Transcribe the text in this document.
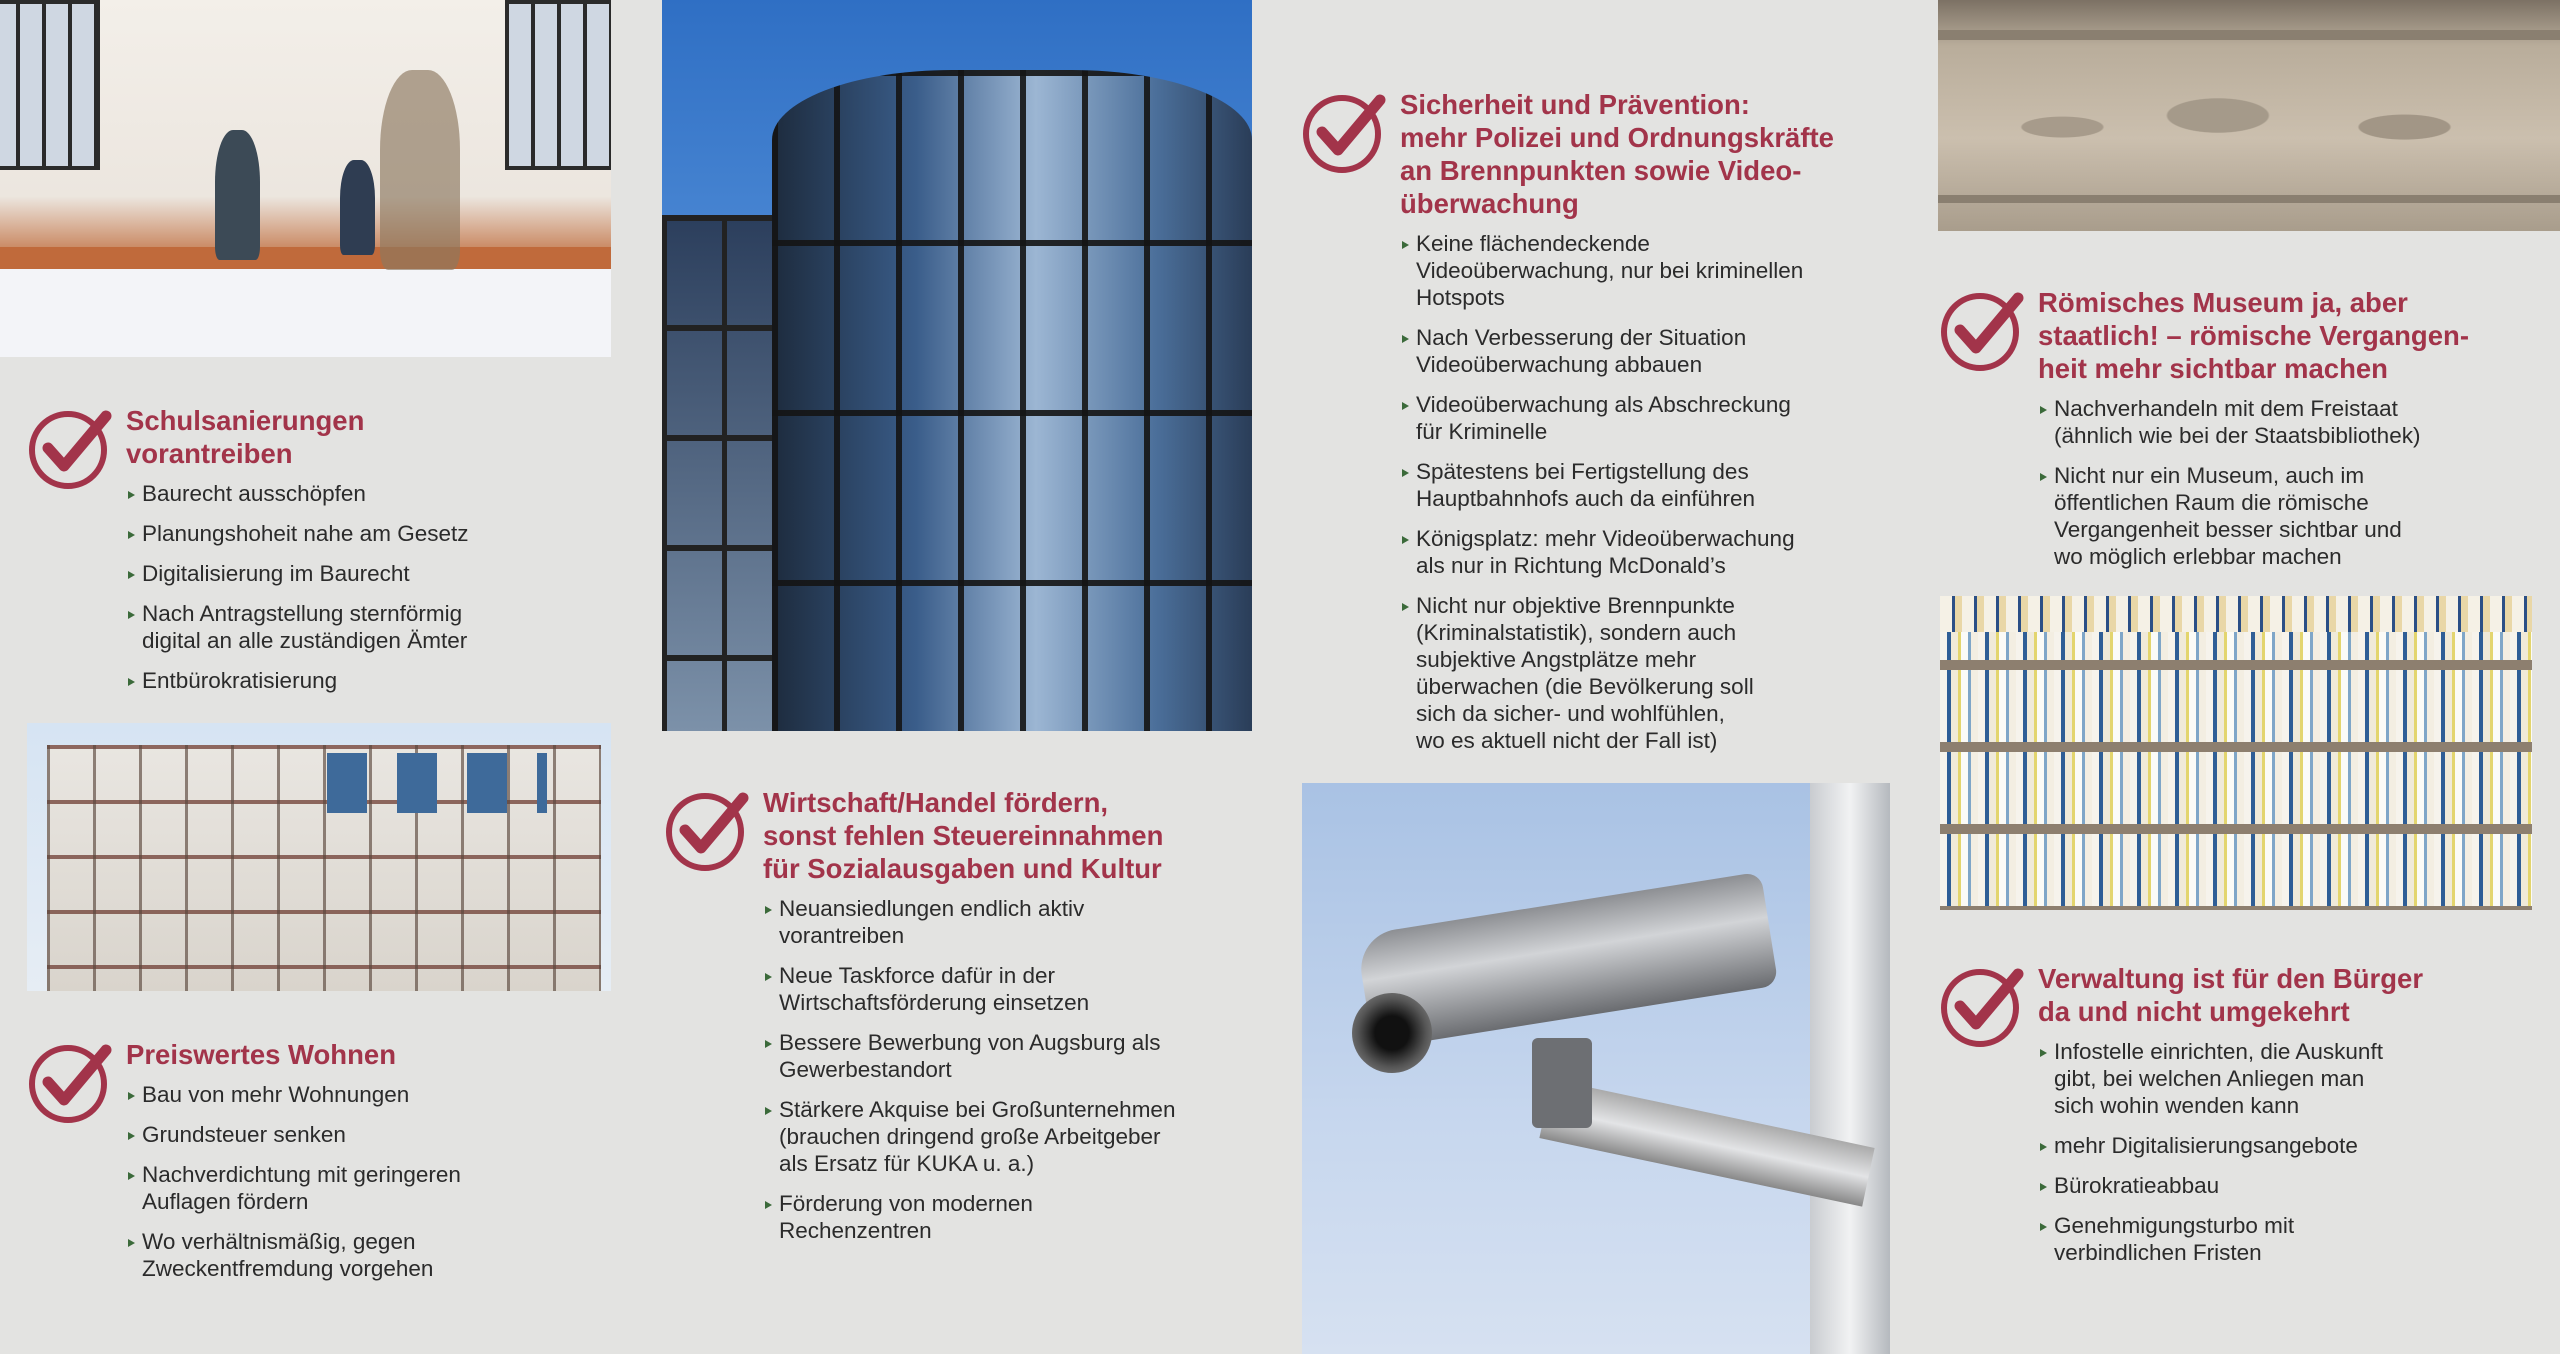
Schulsanierungen
vorantreiben
Baurecht ausschöpfen
Planungshoheit nahe am Gesetz
Digitalisierung im Baurecht
Nach Antragstellung sternförmig
digital an alle zuständigen Ämter
Entbürokratisierung
Preiswertes Wohnen
Bau von mehr Wohnungen
Grundsteuer senken
Nachverdichtung mit geringeren
Auflagen fördern
Wo verhältnismäßig, gegen
Zweckentfremdung vorgehen
Wirtschaft/Handel fördern,
sonst fehlen Steuereinnahmen
für Sozialausgaben und Kultur
Neuansiedlungen endlich aktiv
vorantreiben
Neue Taskforce dafür in der
Wirtschaftsförderung einsetzen
Bessere Bewerbung von Augsburg als
Gewerbestandort
Stärkere Akquise bei Großunternehmen
(brauchen dringend große Arbeitgeber
als Ersatz für KUKA u. a.)
Förderung von modernen
Rechenzentren
Sicherheit und Prävention:
mehr Polizei und Ordnungskräfte
an Brennpunkten sowie Video-
überwachung
Keine flächendeckende
Videoüberwachung, nur bei kriminellen
Hotspots
Nach Verbesserung der Situation
Videoüberwachung abbauen
Videoüberwachung als Abschreckung
für Kriminelle
Spätestens bei Fertigstellung des
Hauptbahnhofs auch da einführen
Königsplatz: mehr Videoüberwachung
als nur in Richtung McDonald’s
Nicht nur objektive Brennpunkte
(Kriminalstatistik), sondern auch
subjektive Angstplätze mehr
überwachen (die Bevölkerung soll
sich da sicher- und wohlfühlen,
wo es aktuell nicht der Fall ist)
Römisches Museum ja, aber
staatlich! – römische Vergangen-
heit mehr sichtbar machen
Nachverhandeln mit dem Freistaat
(ähnlich wie bei der Staatsbibliothek)
Nicht nur ein Museum, auch im
öffentlichen Raum die römische
Vergangenheit besser sichtbar und
wo möglich erlebbar machen
Verwaltung ist für den Bürger
da und nicht umgekehrt
Infostelle einrichten, die Auskunft
gibt, bei welchen Anliegen man
sich wohin wenden kann
mehr Digitalisierungsangebote
Bürokratieabbau
Genehmigungsturbo mit
verbindlichen Fristen
